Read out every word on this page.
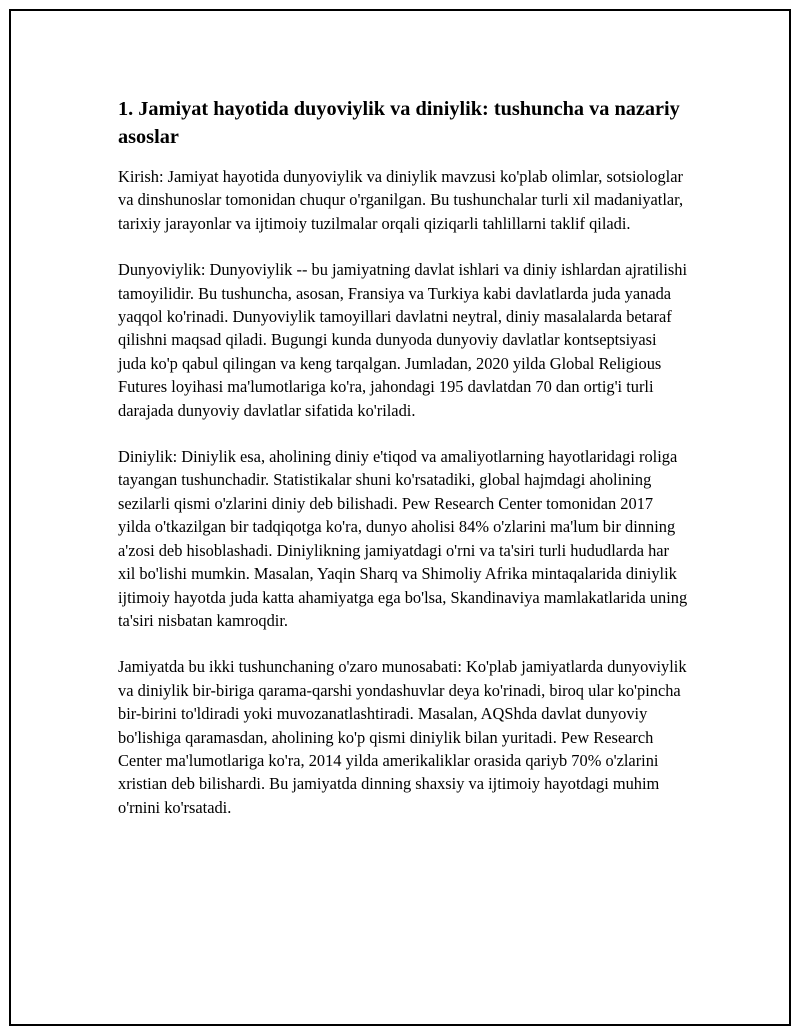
1. Jamiyat hayotida duyoviylik va diniylik: tushuncha va nazariy asoslar

Kirish: Jamiyat hayotida dunyoviylik va diniylik mavzusi ko'plab olimlar, sotsiologlar va dinshunoslar tomonidan chuqur o'rganilgan. Bu tushunchalar turli xil madaniyatlar, tarixiy jarayonlar va ijtimoiy tuzilmalar orqali qiziqarli tahlillarni taklif qiladi.

Dunyoviylik: Dunyoviylik -- bu jamiyatning davlat ishlari va diniy ishlardan ajratilishi tamoyilidir. Bu tushuncha, asosan, Fransiya va Turkiya kabi davlatlarda juda yanada yaqqol ko'rinadi. Dunyoviylik tamoyillari davlatni neytral, diniy masalalarda betaraf qilishni maqsad qiladi. Bugungi kunda dunyoda dunyoviy davlatlar kontseptsiyasi juda ko'p qabul qilingan va keng tarqalgan. Jumladan, 2020 yilda Global Religious Futures loyihasi ma'lumotlariga ko'ra, jahondagi 195 davlatdan 70 dan ortig'i turli darajada dunyoviy davlatlar sifatida ko'riladi.

Diniylik: Diniylik esa, aholining diniy e'tiqod va amaliyotlarning hayotlaridagi roliga tayangan tushunchadir. Statistikalar shuni ko'rsatadiki, global hajmdagi aholining sezilarli qismi o'zlarini diniy deb bilishadi. Pew Research Center tomonidan 2017 yilda o'tkazilgan bir tadqiqotga ko'ra, dunyo aholisi 84% o'zlarini ma'lum bir dinning a'zosi deb hisoblashadi. Diniylikning jamiyatdagi o'rni va ta'siri turli hududlarda har xil bo'lishi mumkin. Masalan, Yaqin Sharq va Shimoliy Afrika mintaqalarida diniylik ijtimoiy hayotda juda katta ahamiyatga ega bo'lsa, Skandinaviya mamlakatlarida uning ta'siri nisbatan kamroqdir.

Jamiyatda bu ikki tushunchaning o'zaro munosabati: Ko'plab jamiyatlarda dunyoviylik va diniylik bir-biriga qarama-qarshi yondashuvlar deya ko'rinadi, biroq ular ko'pincha bir-birini to'ldiradi yoki muvozanatlashtiradi. Masalan, AQShda davlat dunyoviy bo'lishiga qaramasdan, aholining ko'p qismi diniylik bilan yuritadi. Pew Research Center ma'lumotlariga ko'ra, 2014 yilda amerikaliklar orasida qariyb 70% o'zlarini xristian deb bilishardi. Bu jamiyatda dinning shaxsiy va ijtimoiy hayotdagi muhim o'rnini ko'rsatadi.
